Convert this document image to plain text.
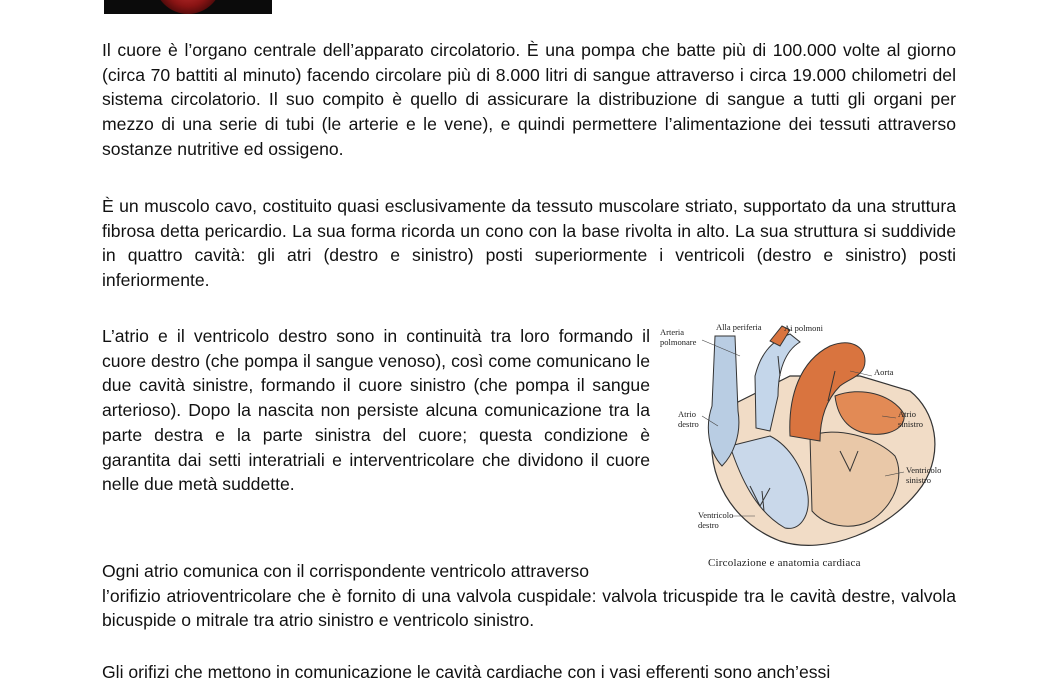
Il cuore è l’organo centrale dell’apparato circolatorio. È una pompa che batte più di 100.000 volte al giorno (circa 70 battiti al minuto) facendo circolare più di 8.000 litri di sangue attraverso i circa 19.000 chilometri del sistema circolatorio. Il suo compito è quello di assicurare la distribuzione di sangue a tutti gli organi per mezzo di una serie di tubi (le arterie e le vene), e quindi permettere l’alimentazione dei tessuti attraverso sostanze nutritive ed ossigeno.

È un muscolo cavo, costituito quasi esclusivamente da tessuto muscolare striato, supportato da una struttura fibrosa detta pericardio. La sua forma ricorda un cono con la base rivolta in alto. La sua struttura si suddivide in quattro cavità: gli atri (destro e sinistro) posti superiormente i ventricoli (destro e sinistro) posti inferiormente.

L’atrio e il ventricolo destro sono in continuità tra loro formando il cuore destro (che pompa il sangue venoso), così come comunicano le due cavità sinistre, formando il cuore sinistro (che pompa il sangue arterioso). Dopo la nascita non persiste alcuna comunicazione tra la parte destra e la parte sinistra del cuore; questa condizione è garantita dai setti interatriali e interventricolare che dividono il cuore nelle due metà suddette.

Arteria
polmonare
Alla periferia	Ai polmoni
Aorta
Atrio
destro
Atrio
sinistro
Ventricolo
sinistro
Ventricolo
destro
Circolazione e anatomia cardiaca
Ogni atrio comunica con il corrispondente ventricolo attraverso
l’orifizio atrioventricolare che è fornito di una valvola cuspidale: valvola tricuspide tra le cavità destre, valvola bicuspide o mitrale tra atrio sinistro e ventricolo sinistro.

Gli orifizi che mettono in comunicazione le cavità cardiache con i vasi efferenti sono anch’essi
